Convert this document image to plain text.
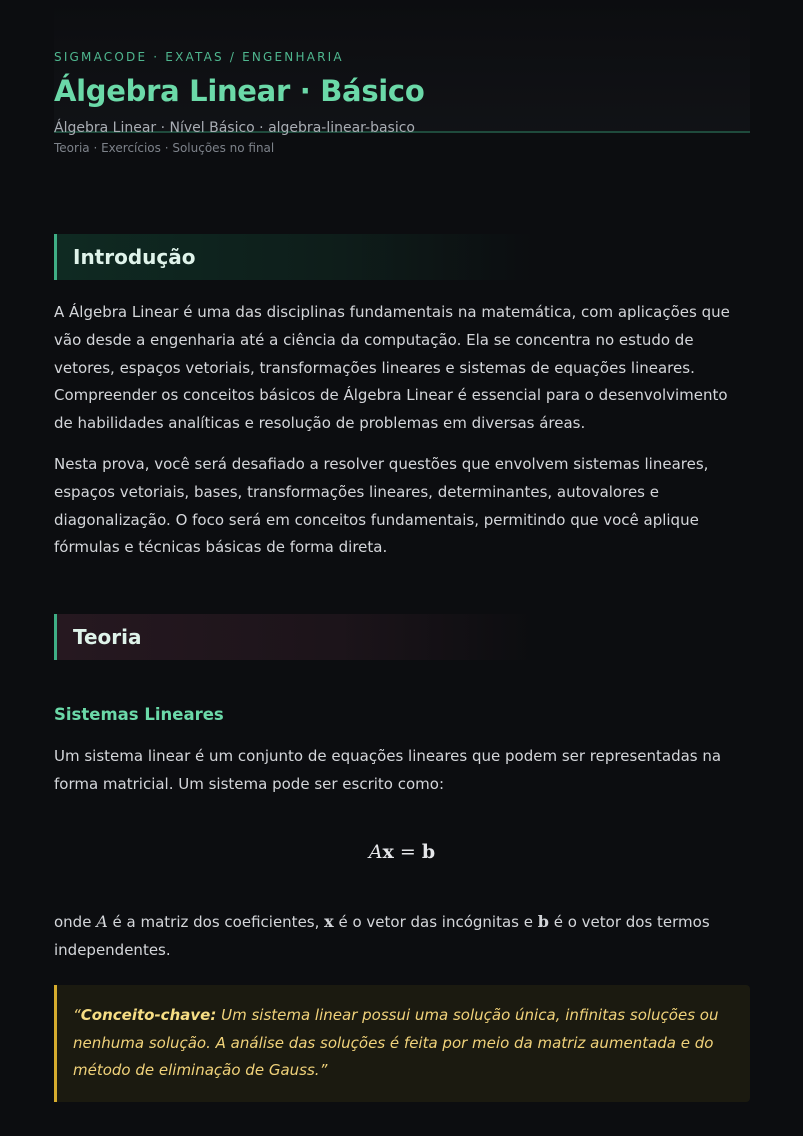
SIGMACODE · EXATAS / ENGENHARIA

Álgebra Linear · Básico

Álgebra Linear · Nível Básico · algebra-linear-basico

Teoria · Exercícios · Soluções no final

Introdução

A Álgebra Linear é uma das disciplinas fundamentais na matemática, com aplicações que vão desde a engenharia até a ciência da computação. Ela se concentra no estudo de vetores, espaços vetoriais, transformações lineares e sistemas de equações lineares. Compreender os conceitos básicos de Álgebra Linear é essencial para o desenvolvimento de habilidades analíticas e resolução de problemas em diversas áreas.

Nesta prova, você será desafiado a resolver questões que envolvem sistemas lineares, espaços vetoriais, bases, transformações lineares, determinantes, autovalores e diagonalização. O foco será em conceitos fundamentais, permitindo que você aplique fórmulas e técnicas básicas de forma direta.

Teoria
Sistemas Lineares

Um sistema linear é um conjunto de equações lineares que podem ser representadas na forma matricial. Um sistema pode ser escrito como:

Ax = b

onde A é a matriz dos coeficientes, x é o vetor das incógnitas e b é o vetor dos termos independentes.

“Conceito-chave: Um sistema linear possui uma solução única, infinitas soluções ou nenhuma solução. A análise das soluções é feita por meio da matriz aumentada e do método de eliminação de Gauss.”
